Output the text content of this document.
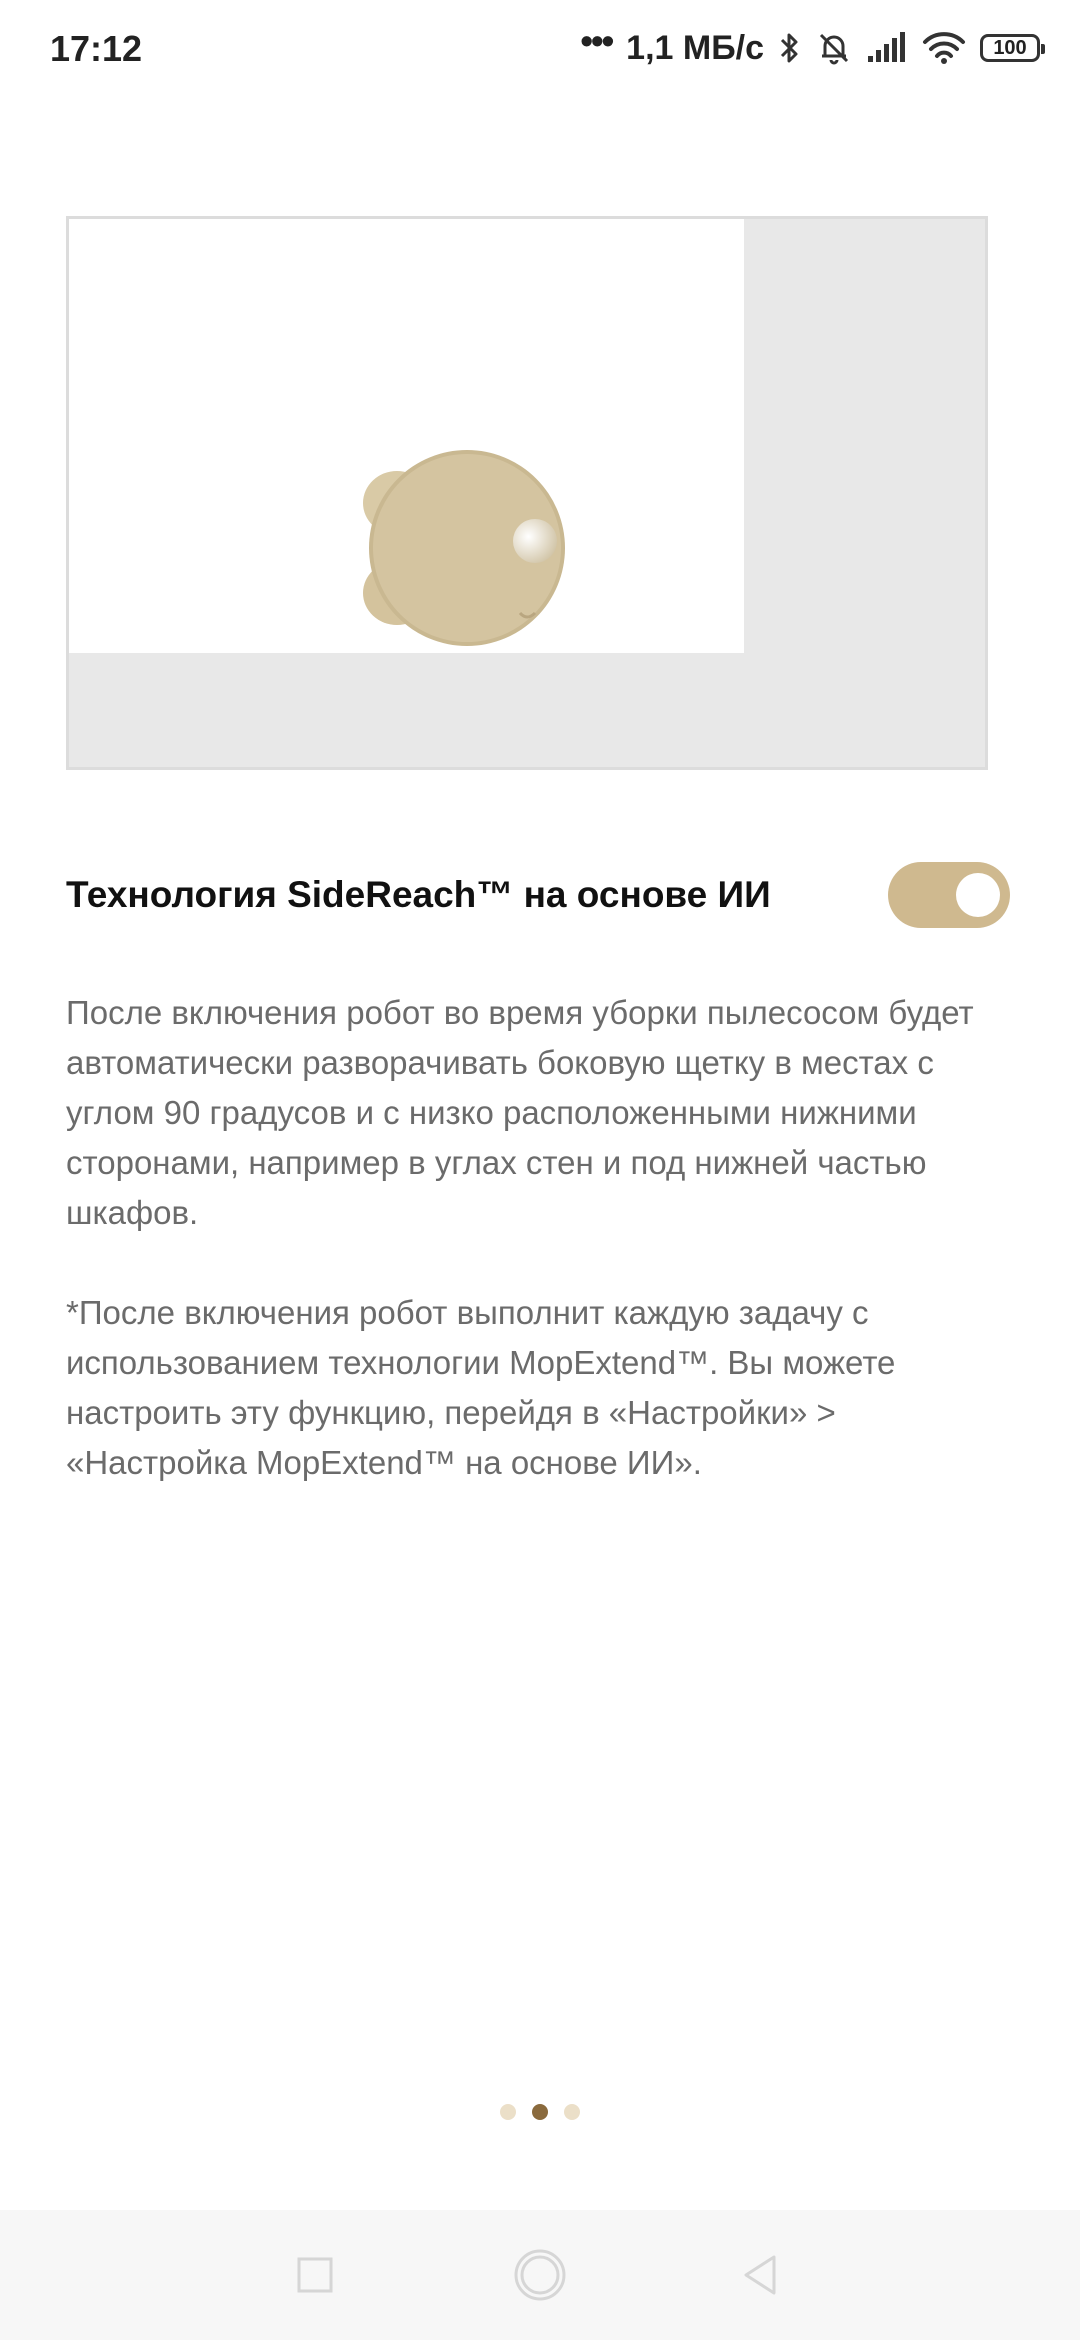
17:12	••• 1,1 МБ/с	100
Технология SideReach™ на основе ИИ

После включения робот во время уборки пылесосом будет автоматически разворачивать боковую щетку в местах с углом 90 градусов и с низко расположенными нижними сторонами, например в углах стен и под нижней частью шкафов.

*После включения робот выполнит каждую задачу с использованием технологии MopExtend™. Вы можете настроить эту функцию, перейдя в «Настройки» > «Настройка MopExtend™ на основе ИИ».
